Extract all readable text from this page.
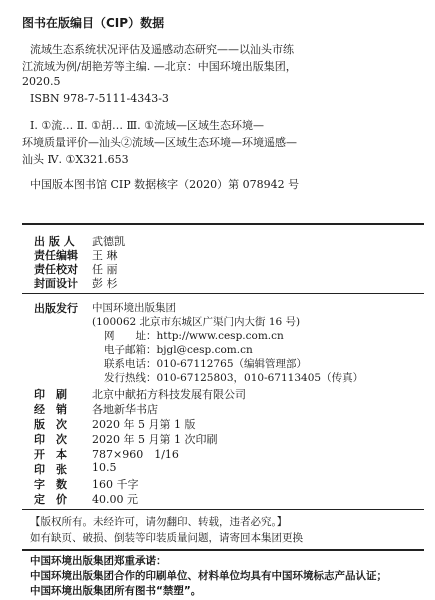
图书在版编目（CIP）数据
流域生态系统状况评估及遥感动态研究——以汕头市练
江流域为例/胡艳芳等主编. —北京：中国环境出版集团，
2020.5
ISBN 978-7-5111-4343-3
Ⅰ. ①流… Ⅱ. ①胡… Ⅲ. ①流域—区域生态环境—
环境质量评价—汕头②流域—区域生态环境—环境遥感—
汕头 Ⅳ. ①X321.653
中国版本图书馆 CIP 数据核字（2020）第 078942 号
出 版 人 武德凯
责任编辑 王 琳
责任校对 任 丽
封面设计 彭 杉
出版发行 中国环境出版集团
(100062 北京市东城区广渠门内大街 16 号)
网　　址：http://www.cesp.com.cn
电子邮箱：bjgl@cesp.com.cn
联系电话：010-67112765（编辑管理部）
发行热线：010-67125803，010-67113405（传真）
印　刷 北京中献拓方科技发展有限公司
经　销 各地新华书店
版　次 2020 年 5 月第 1 版
印　次 2020 年 5 月第 1 次印刷
开　本 787×960　1/16
印　张 10.5
字　数 160 千字
定　价 40.00 元
【版权所有。未经许可，请勿翻印、转载，违者必究。】
如有缺页、破损、倒装等印装质量问题，请寄回本集团更换
中国环境出版集团郑重承诺：
中国环境出版集团合作的印刷单位、材料单位均具有中国环境标志产品认证；
中国环境出版集团所有图书“禁塑”。
